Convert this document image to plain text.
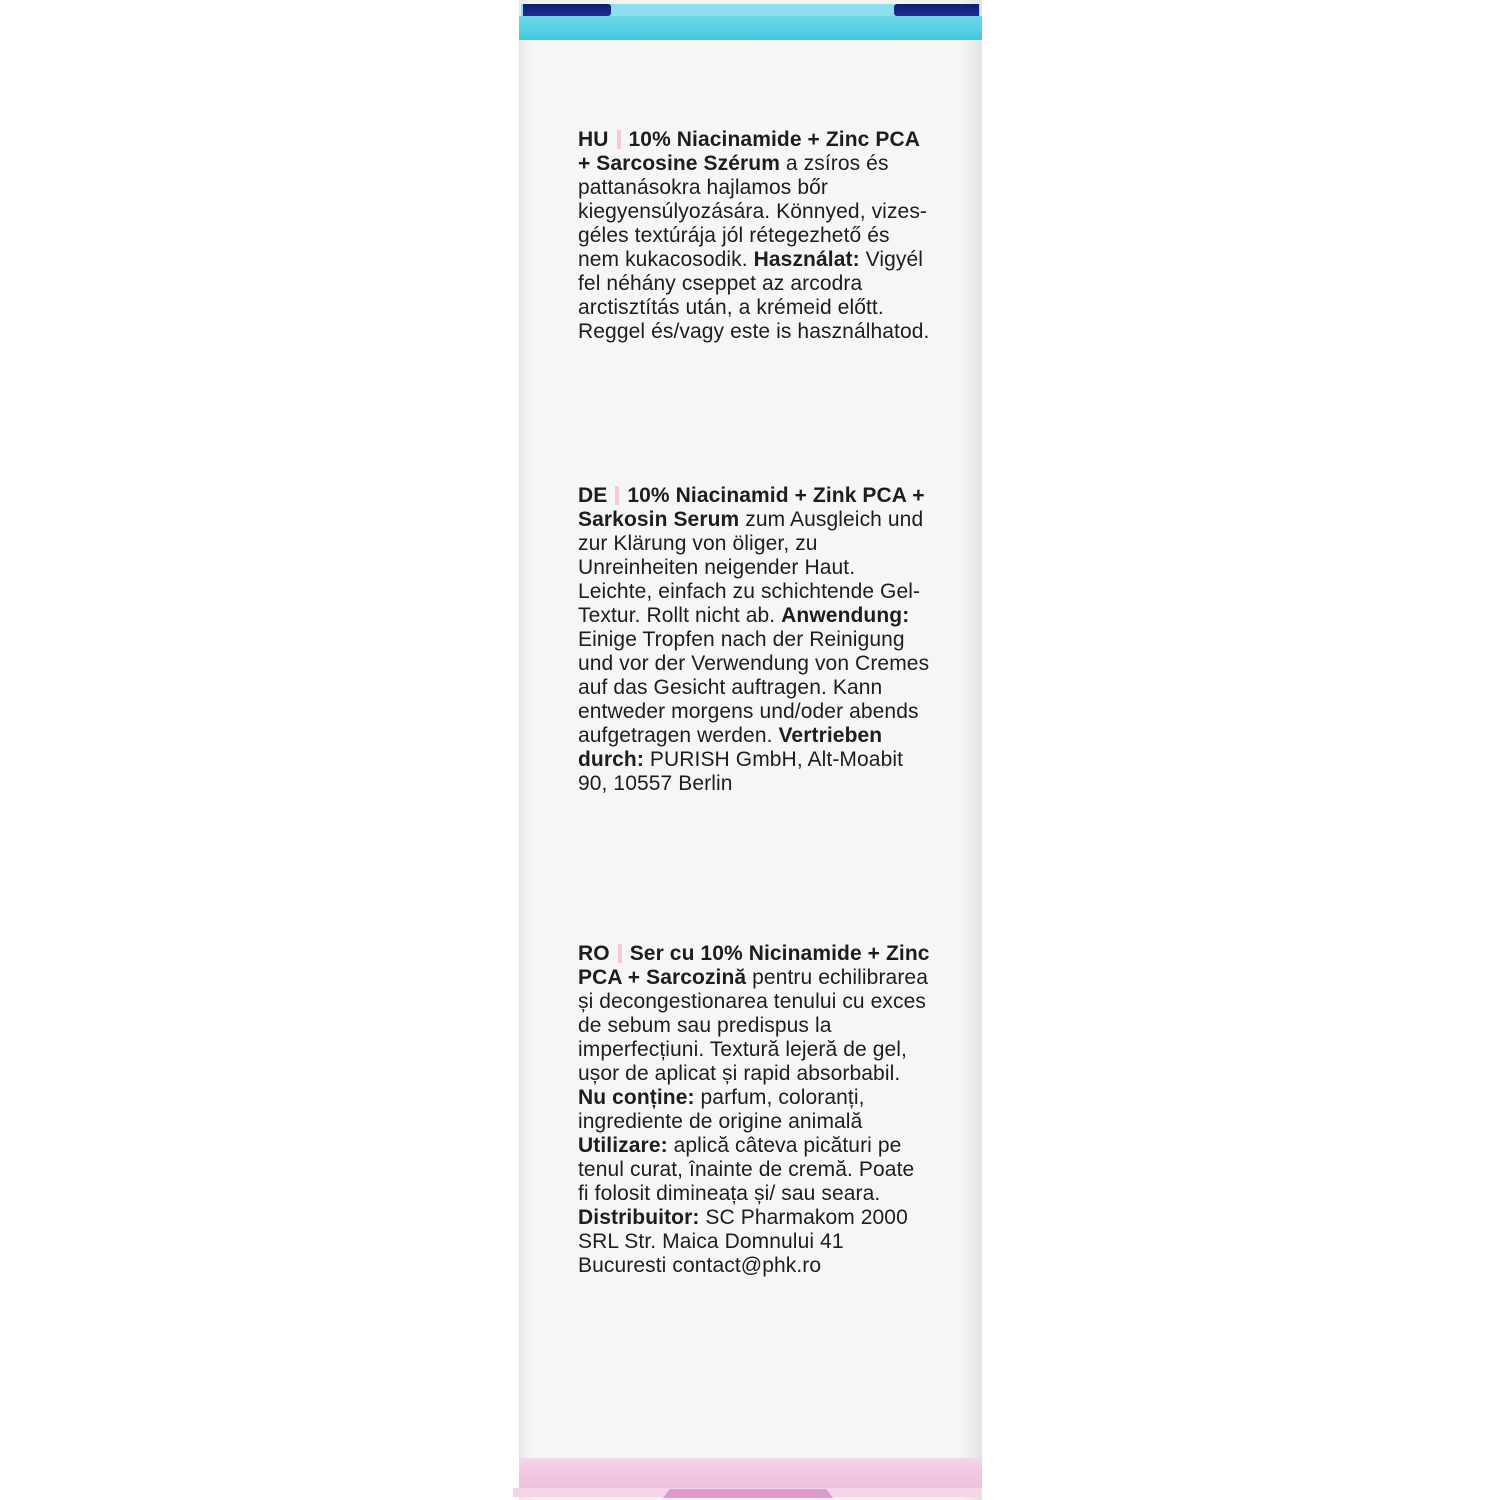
HU 10% Niacinamide + Zinc PCA + Sarcosine Szérum a zsíros és pattanásokra hajlamos bőr kiegyensúlyozására. Könnyed, vizes-géles textúrája jól rétegezhető és nem kukacosodik. Használat: Vigyél fel néhány cseppet az arcodra arctisztítás után, a krémeid előtt. Reggel és/vagy este is használhatod.
DE 10% Niacinamid + Zink PCA + Sarkosin Serum zum Ausgleich und zur Klärung von öliger, zu Unreinheiten neigender Haut. Leichte, einfach zu schichtende Gel-Textur. Rollt nicht ab. Anwendung: Einige Tropfen nach der Reinigung und vor der Verwendung von Cremes auf das Gesicht auftragen. Kann entweder morgens und/oder abends aufgetragen werden. Vertrieben durch: PURISH GmbH, Alt-Moabit 90, 10557 Berlin
RO Ser cu 10% Nicinamide + Zinc PCA + Sarcozină pentru echilibrarea și decongestionarea tenului cu exces de sebum sau predispus la imperfecțiuni. Textură lejeră de gel, ușor de aplicat și rapid absorbabil. Nu conține: parfum, coloranți, ingrediente de origine animală Utilizare: aplică câteva picături pe tenul curat, înainte de cremă. Poate fi folosit dimineața și/ sau seara. Distribuitor: SC Pharmakom 2000 SRL Str. Maica Domnului 41 Bucuresti contact@phk.ro
